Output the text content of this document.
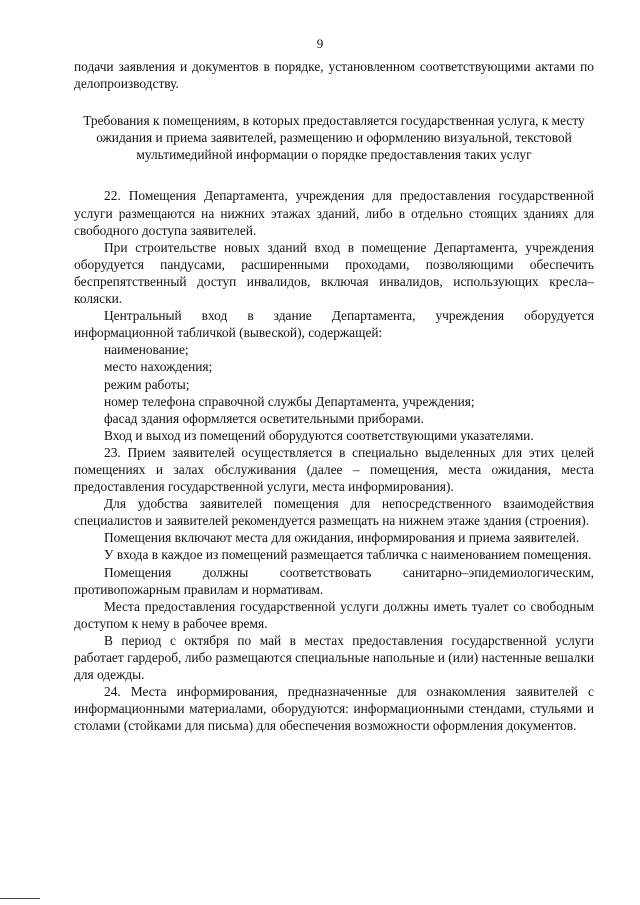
9

подачи заявления и документов в порядке, установленном соответствующими актами по делопроизводству.

Требования к помещениям, в которых предоставляется государственная услуга, к месту ожидания и приема заявителей, размещению и оформлению визуальной, текстовой мультимедийной информации о порядке предоставления таких услуг

22. Помещения Департамента, учреждения для предоставления государственной услуги размещаются на нижних этажах зданий, либо в отдельно стоящих зданиях для свободного доступа заявителей.

При строительстве новых зданий вход в помещение Департамента, учреждения оборудуется пандусами, расширенными проходами, позволяющими обеспечить беспрепятственный доступ инвалидов, включая инвалидов, использующих кресла–коляски.

Центральный вход в здание Департамента, учреждения оборудуется информационной табличкой (вывеской), содержащей:

наименование;

место нахождения;

режим работы;

номер телефона справочной службы Департамента, учреждения;

фасад здания оформляется осветительными приборами.

Вход и выход из помещений оборудуются соответствующими указателями.

23. Прием заявителей осуществляется в специально выделенных для этих целей помещениях и залах обслуживания (далее – помещения, места ожидания, места предоставления государственной услуги, места информирования).

Для удобства заявителей помещения для непосредственного взаимодействия специалистов и заявителей рекомендуется размещать на нижнем этаже здания (строения).

Помещения включают места для ожидания, информирования и приема заявителей.

У входа в каждое из помещений размещается табличка с наименованием помещения.

Помещения должны соответствовать санитарно–эпидемиологическим, противопожарным правилам и нормативам.

Места предоставления государственной услуги должны иметь туалет со свободным доступом к нему в рабочее время.

В период с октября по май в местах предоставления государственной услуги работает гардероб, либо размещаются специальные напольные и (или) настенные вешалки для одежды.

24. Места информирования, предназначенные для ознакомления заявителей с информационными материалами, оборудуются: информационными стендами, стульями и столами (стойками для письма) для обеспечения возможности оформления документов.
